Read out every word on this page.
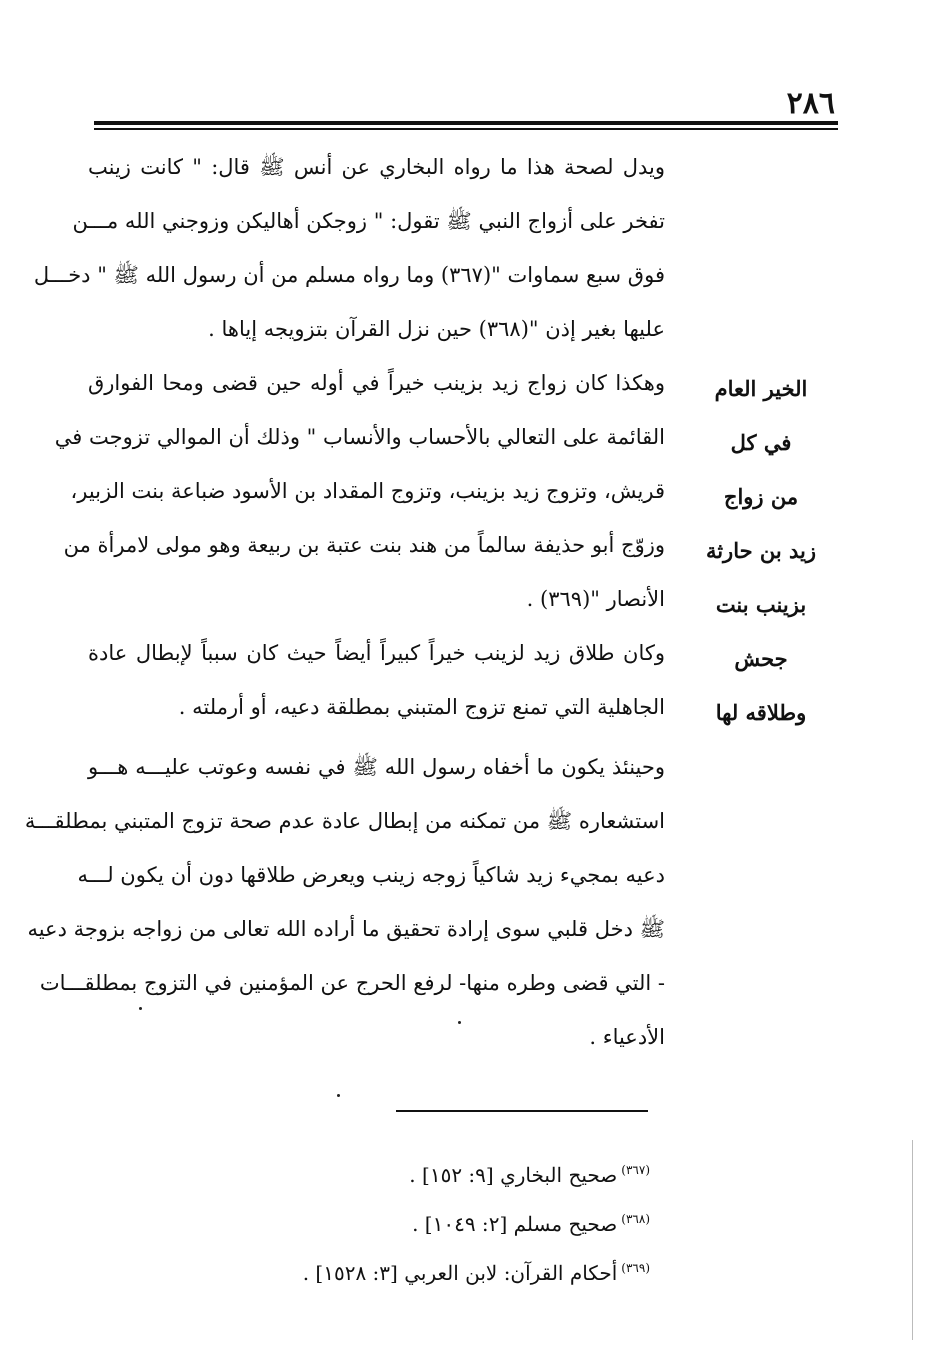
٢٨٦
الخير العام
في كل
من زواج
زيد بن حارثة
بزينب بنت
جحش
وطلاقه لها
ويدل لصحة هذا ما رواه البخاري عن أنس ﷺ قال: " كانت زينب
تفخر على أزواج النبي ﷺ تقول: " زوجكن أهاليكن وزوجني الله مـــن
فوق سبع سماوات "(٣٦٧) وما رواه مسلم من أن رسول الله ﷺ " دخـــل
عليها بغير إذن "(٣٦٨) حين نزل القرآن بتزويجه إياها .
وهكذا كان زواج زيد بزينب خيراً في أوله حين قضى ومحا الفوارق
القائمة على التعالي بالأحساب والأنساب " وذلك أن الموالي تزوجت في
قريش، وتزوج زيد بزينب، وتزوج المقداد بن الأسود ضباعة بنت الزبير،
وزوّج أبو حذيفة سالماً من هند بنت عتبة بن ربيعة وهو مولى لامرأة من
الأنصار "(٣٦٩) .
وكان طلاق زيد لزينب خيراً كبيراً أيضاً حيث كان سبباً لإبطال عادة
الجاهلية التي تمنع تزوج المتبني بمطلقة دعيه، أو أرملته .
وحينئذ يكون ما أخفاه رسول الله ﷺ في نفسه وعوتب عليـــه هـــو
استشعاره ﷺ من تمكنه من إبطال عادة عدم صحة تزوج المتبني بمطلقـــة
دعيه بمجيء زيد شاكياً زوجه زينب ويعرض طلاقها دون أن يكون لـــه
ﷺ دخل قلبي سوى إرادة تحقيق ما أراده الله تعالى من زواجه بزوجة دعيه
- التي قضى وطره منها- لرفع الحرج عن المؤمنين في التزوج بمطلقـــات
الأدعياء .
$^{(٣٦٧)}$صحيح البخاري [٩: ١٥٢] .
$^{(٣٦٨)}$صحيح مسلم [٢: ١٠٤٩] .
$^{(٣٦٩)}$أحكام القرآن: لابن العربي [٣: ١٥٢٨] .
